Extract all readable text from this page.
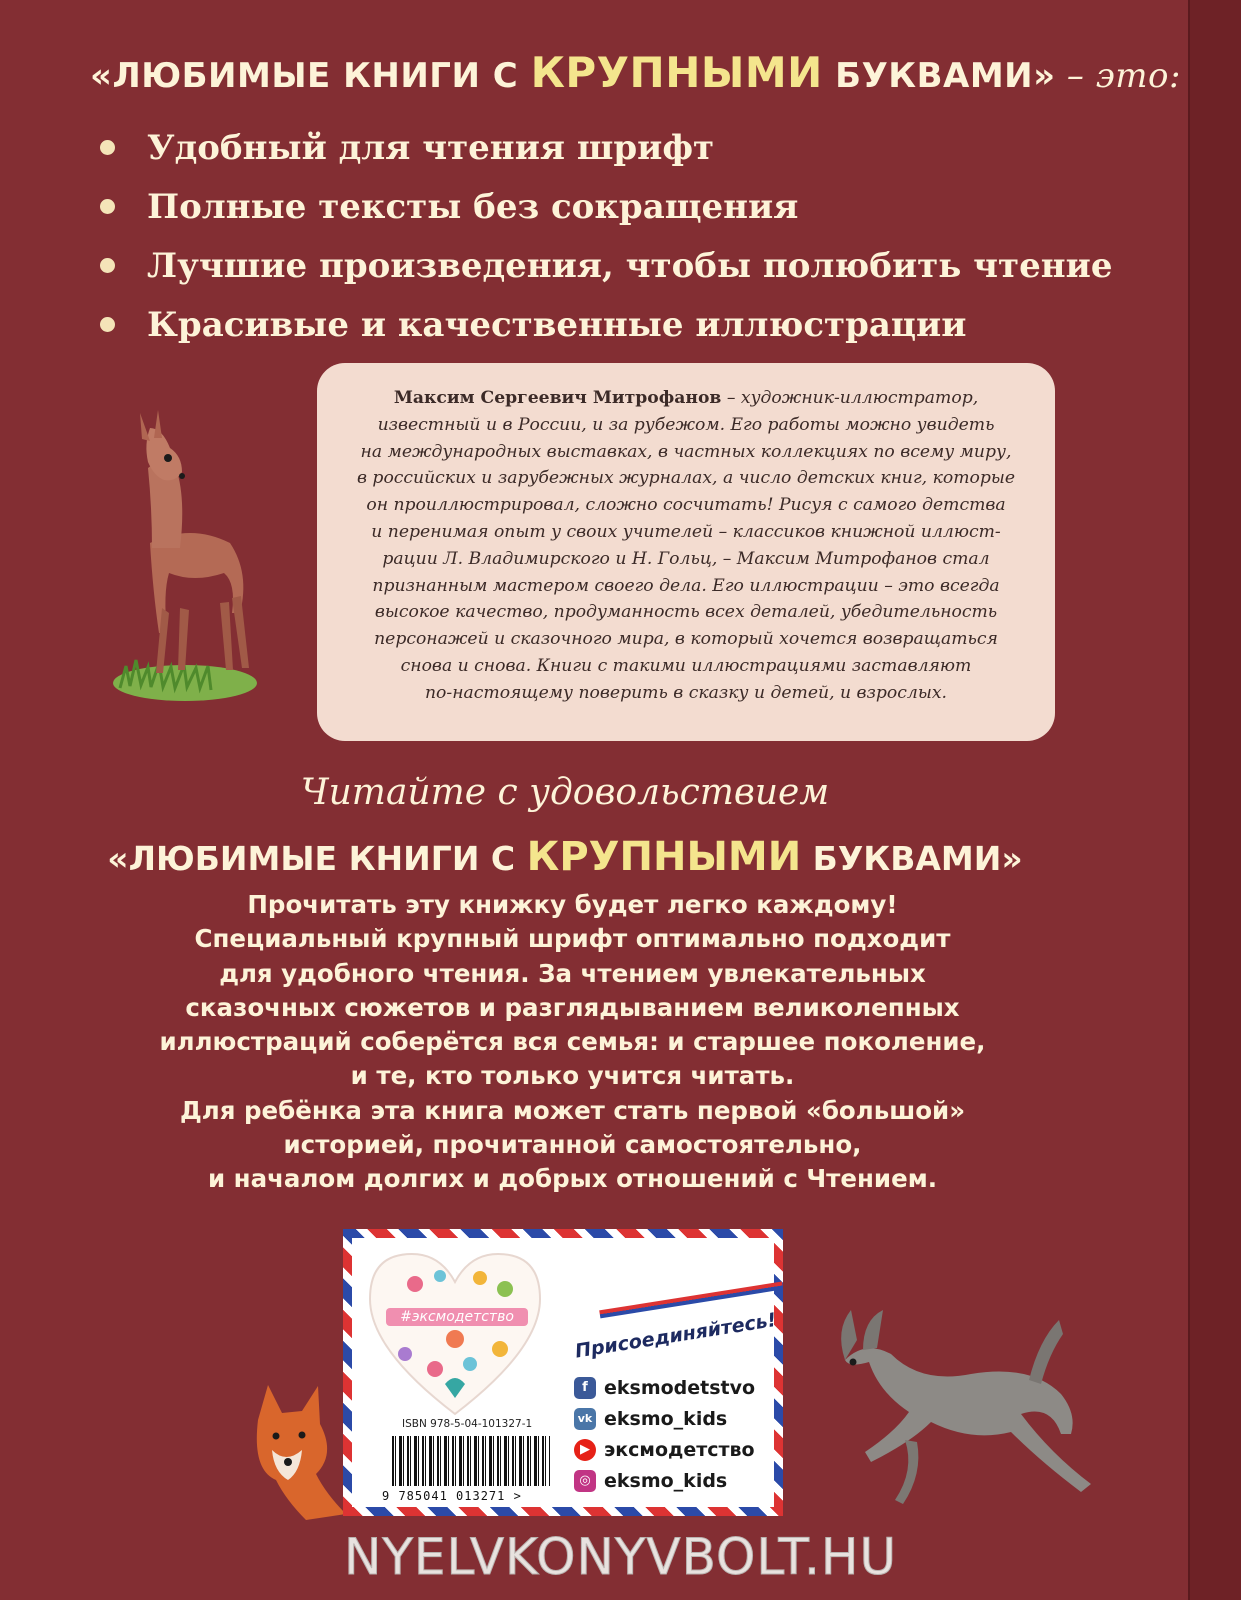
«ЛЮБИМЫЕ КНИГИ С КРУПНЫМИ БУКВАМИ» – это:
Удобный для чтения шрифт
Полные тексты без сокращения
Лучшие произведения, чтобы полюбить чтение
Красивые и качественные иллюстрации
Максим Сергеевич Митрофанов – художник-иллюстратор,
известный и в России, и за рубежом. Его работы можно увидеть
на международных выставках, в частных коллекциях по всему миру,
в российских и зарубежных журналах, а число детских книг, которые
он проиллюстрировал, сложно сосчитать! Рисуя с самого детства
и перенимая опыт у своих учителей – классиков книжной иллюст-
рации Л. Владимирского и Н. Гольц, – Максим Митрофанов стал
признанным мастером своего дела. Его иллюстрации – это всегда
высокое качество, продуманность всех деталей, убедительность
персонажей и сказочного мира, в который хочется возвращаться
снова и снова. Книги с такими иллюстрациями заставляют
по-настоящему поверить в сказку и детей, и взрослых.
Читайте с удовольствием
«ЛЮБИМЫЕ КНИГИ С КРУПНЫМИ БУКВАМИ»
Прочитать эту книжку будет легко каждому!
Специальный крупный шрифт оптимально подходит
для удобного чтения. За чтением увлекательных
сказочных сюжетов и разглядыванием великолепных
иллюстраций соберётся вся семья: и старшее поколение,
и те, кто только учится читать.
Для ребёнка эта книга может стать первой «большой»
историей, прочитанной самостоятельно,
и началом долгих и добрых отношений с Чтением.
#эксмодетство	Присоединяйтесь!
f eksmodetstvo
vk eksmo_kids
▶ эксмодетство
◎ eksmo_kids
ISBN 978-5-04-101327-1
9 785041 013271 >
NYELVKONYVBOLT.HU
